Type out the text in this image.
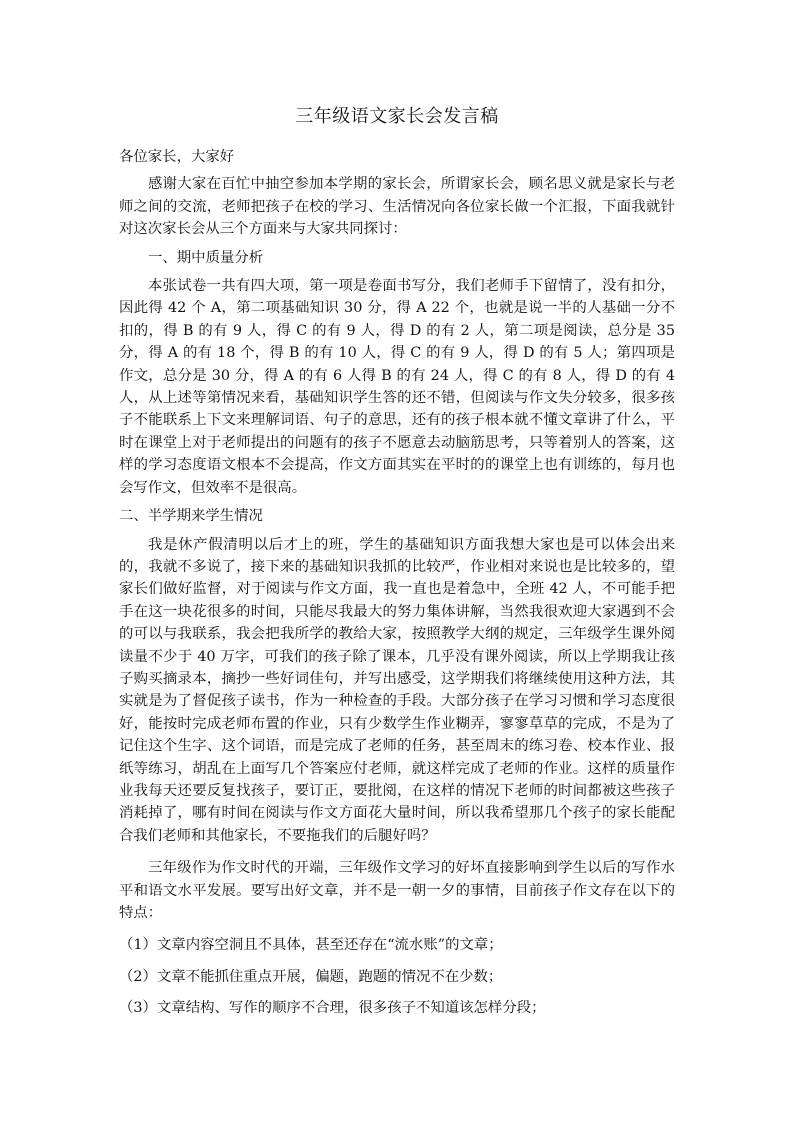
三年级语文家长会发言稿

各位家长，大家好

感谢大家在百忙中抽空参加本学期的家长会，所谓家长会，顾名思义就是家长与老师之间的交流，老师把孩子在校的学习、生活情况向各位家长做一个汇报，下面我就针对这次家长会从三个方面来与大家共同探讨：

一、期中质量分析

本张试卷一共有四大项，第一项是卷面书写分，我们老师手下留情了，没有扣分，因此得 42 个 A，第二项基础知识 30 分，得 A 22 个，也就是说一半的人基础一分不扣的，得 B 的有 9 人，得 C 的有 9 人，得 D 的有 2 人，第二项是阅读，总分是 35 分，得 A 的有 18 个，得 B 的有 10 人，得 C 的有 9 人，得 D 的有 5 人；第四项是作文，总分是 30 分，得 A 的有 6 人得 B 的有 24 人，得 C 的有 8 人，得 D 的有 4 人，从上述等第情况来看，基础知识学生答的还不错，但阅读与作文失分较多，很多孩子不能联系上下文来理解词语、句子的意思，还有的孩子根本就不懂文章讲了什么，平时在课堂上对于老师提出的问题有的孩子不愿意去动脑筋思考，只等着别人的答案，这样的学习态度语文根本不会提高，作文方面其实在平时的的课堂上也有训练的，每月也会写作文，但效率不是很高。

二、半学期来学生情况

我是休产假清明以后才上的班，学生的基础知识方面我想大家也是可以体会出来的，我就不多说了，接下来的基础知识我抓的比较严，作业相对来说也是比较多的，望家长们做好监督，对于阅读与作文方面，我一直也是着急中，全班 42 人，不可能手把手在这一块花很多的时间，只能尽我最大的努力集体讲解，当然我很欢迎大家遇到不会的可以与我联系，我会把我所学的教给大家，按照教学大纲的规定，三年级学生课外阅读量不少于 40 万字，可我们的孩子除了课本，几乎没有课外阅读，所以上学期我让孩子购买摘录本，摘抄一些好词佳句，并写出感受，这学期我们将继续使用这种方法，其实就是为了督促孩子读书，作为一种检查的手段。大部分孩子在学习习惯和学习态度很好，能按时完成老师布置的作业，只有少数学生作业糊弄，寥寥草草的完成，不是为了记住这个生字、这个词语，而是完成了老师的任务，甚至周末的练习卷、校本作业、报纸等练习，胡乱在上面写几个答案应付老师，就这样完成了老师的作业。这样的质量作业我每天还要反复找孩子，要订正，要批阅，在这样的情况下老师的时间都被这些孩子消耗掉了，哪有时间在阅读与作文方面花大量时间，所以我希望那几个孩子的家长能配合我们老师和其他家长，不要拖我们的后腿好吗？

三年级作为作文时代的开端，三年级作文学习的好坏直接影响到学生以后的写作水平和语文水平发展。要写出好文章，并不是一朝一夕的事情，目前孩子作文存在以下的特点：

（1）文章内容空洞且不具体，甚至还存在“流水账”的文章；

（2）文章不能抓住重点开展，偏题，跑题的情况不在少数；

（3）文章结构、写作的顺序不合理，很多孩子不知道该怎样分段；
